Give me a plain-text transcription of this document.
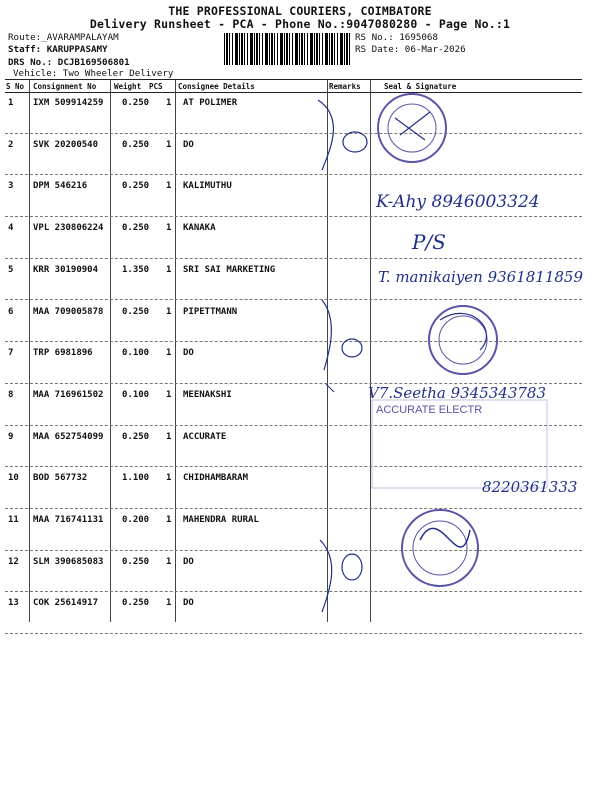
THE PROFESSIONAL COURIERS, COIMBATORE
Delivery Runsheet - PCA - Phone No.:9047080280 - Page No.:1
Route:_AVARAMPALAYAM
Staff: KARUPPASAMY
DRS No.: DCJB169506801
Vehicle: Two Wheeler Delivery
RS No.: 1695068
RS Date: 06-Mar-2026
S No Consignment No Weight PCS Consignee Details	Remarks	Seal & Signature
1 IXM 509914259 0.250 1 AT POLIMER
2 SVK 20200540	0.250 1 DO
3 DPM 546216	0.250 1 KALIMUTHU
4 VPL 230806224 0.250 1 KANAKA
5 KRR 30190904	1.350 1 SRI SAI MARKETING
6 MAA 709005878 0.250 1 PIPETTMANN
7 TRP 6981896	0.100 1 DO
8 MAA 716961502 0.100 1 MEENAKSHI
9 MAA 652754099 0.250 1 ACCURATE
10 BOD 567732	1.100 1 CHIDHAMBARAM
11 MAA 716741131 0.200 1 MAHENDRA RURAL
12 SLM 390685083 0.250 1 DO
13 COK 25614917	0.250 1 DO
K-Ahy 8946003324
P/S
T. manikaiyen 9361811859
V7.Seetha 9345343783
ACCURATE ELECTR
8220361333
